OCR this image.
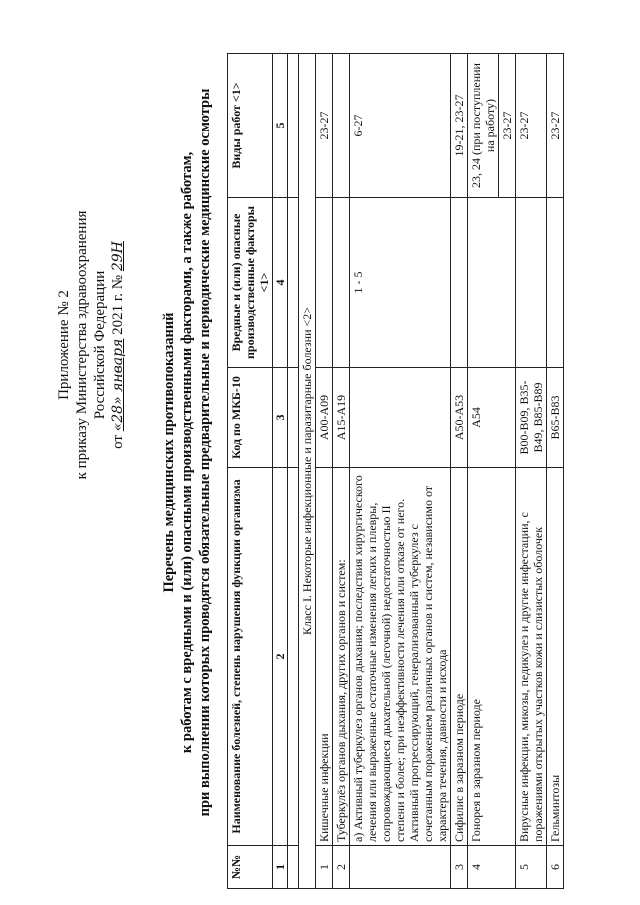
Приложение № 2 к приказу Министерства здравоохранения Российской Федерации
от «28» января 2021 г. № 29Н
Перечень медицинских противопоказаний к работам с вредными и (или) опасными производственными факторами, а также работам, при выполнении которых проводятся обязательные предварительные и периодические медицинские осмотры
№№	Наименование болезней, степень нарушения функции организма	Код по МКБ-10	Вредные и (или) опасные производственные факторы <1>	Виды работ <1>
1	2	3	4	5

Класс I. Некоторые инфекционные и паразитарные болезни <2>				
1	Кишечные инфекции	А00-А09		23-27
2	Туберкулёз органов дыхания, других органов и систем:	А15-А19		
	а) Активный туберкулез органов дыхания; последствия хирургического лечения или выраженные остаточные изменения легких и плевры, сопровождающиеся дыхательной (легочной) недостаточностью II степени и более; при неэффективности лечения или отказе от него. Активный прогрессирующий, генерализованный туберкулез с сочетанным поражением различных органов и систем, независимо от характера течения, давности и исхода		1 - 5	6-27
3	Сифилис в заразном периоде	А50-А53		19-21, 23-27
4	Гонорея в заразном периоде	А54		23, 24 (при поступлении на работу)
				23-27
5	Вирусные инфекции, микозы, педикулез и другие инфестации, с поражениями открытых участков кожи и слизистых оболочек	В00-В09, В35-В49, В85-В89		23-27
6	Гельминтозы	В65-В83		23-27
